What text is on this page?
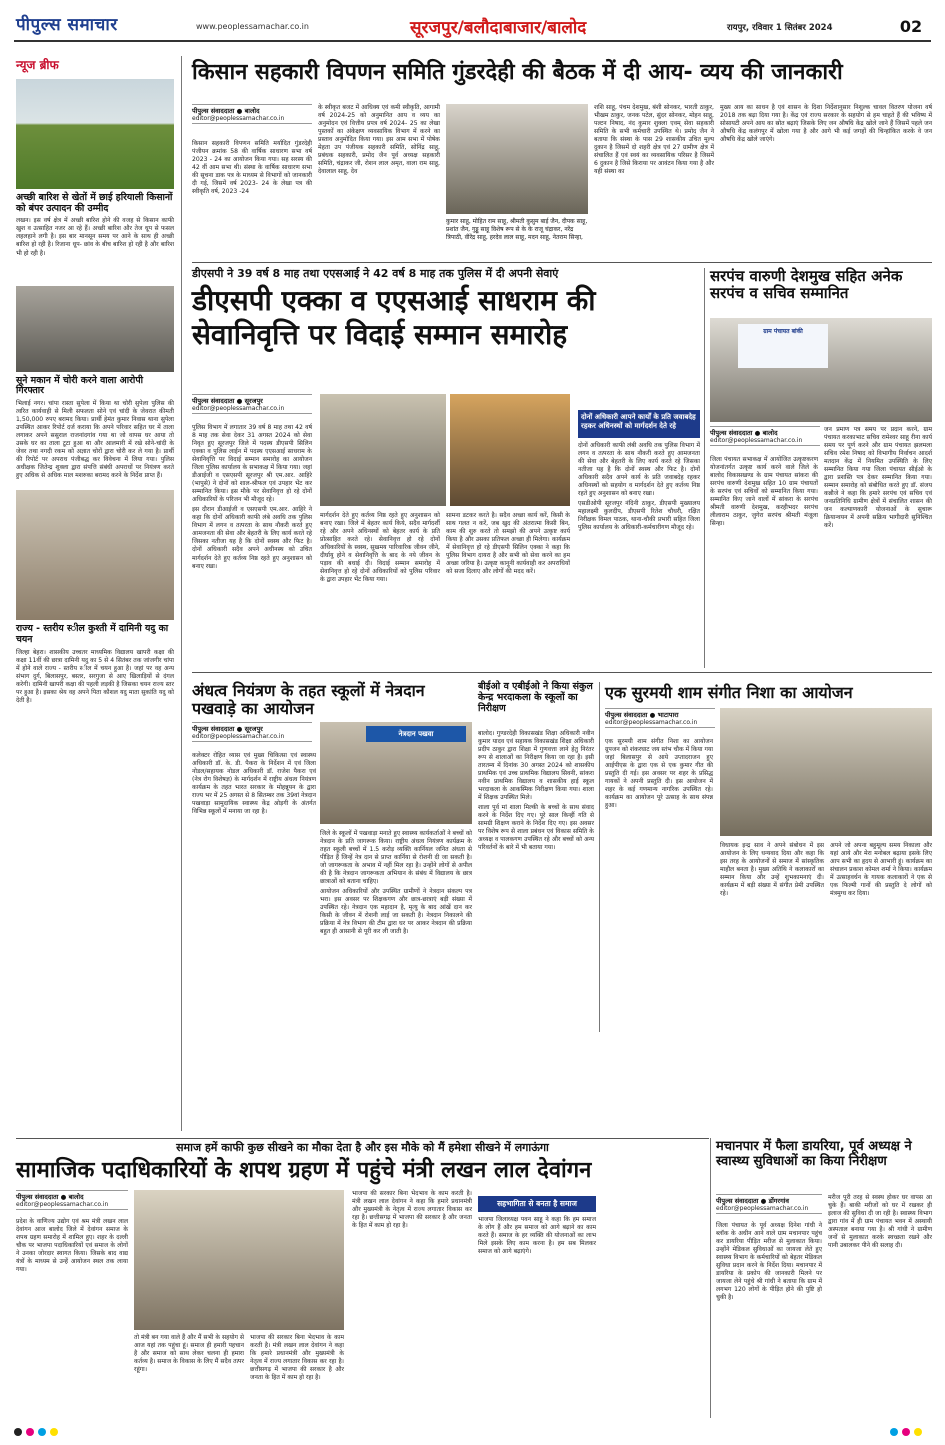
पीपुल्स समाचार	www.peoplessamachar.co.in	सूरजपुर/बलौदाबाजार/बालोद	रायपुर, रविवार 1 सितंबर 2024	02
न्यूज ब्रीफ
अच्छी बारिश से खेतों में छाई हरियाली किसानों को बंपर उत्पादन की उम्मीद

लखन। इस वर्ष क्षेत्र में अच्छी बारिश होने की वजह से किसान काफी खुश व उत्साहित नजर आ रहे हैं। अच्छी बारिश और तेज धूप से फसल लहलहाने लगी है। इस बार मानसून समय पर आने के साथ ही अच्छी बारिश हो रही है। रिजाना धूप- छांव के बीच बारिश हो रही है और बारिश भी हो रही है।

सूने मकान में चोरी करने वाला आरोपी गिरफ्तार

भिलाई नगर। चांपा रास्ता सुपेला में किया था चोरी सुपेला पुलिस की त्वरित कार्यवाही से मिली सफलता सोने एवं चांदी के जेवरात कीमती 1,50,000 रुपए बरामद किया। प्रार्थी हेमंत कुमार निवास थाना सुपेला उपस्थित आकर रिपोर्ट दर्ज कराया कि अपने परिवार सहित घर में ताला लगाकर अपने ससुराल राजनांदगांव गया था जो वापस घर आया तो उसके घर का ताला टूटा हुआ था और आलमारी में रखे सोने-चांदी के जेवर तथा नगदी रकम को अज्ञात चोरों द्वारा चोरी कर ले गया है। प्रार्थी की रिपोर्ट पर अपराध पंजीबद्ध कर विवेचना में लिया गया। पुलिस अधीक्षक जितेन्द्र शुक्ला द्वारा संपत्ति संबंधी अपराधों पर नियंत्रण करते हुए अधिक से अधिक माल मशरुका बरामद करने के निर्देश प्राप्त हैं।

राज्य - स्तरीय स्‍ील कुश्ती में दामिनी यदु का चयन

जिल्हा बेहरा। शासकीय उच्चतर माध्यमिक विद्यालय खापरी कक्षा की कक्षा 11वीं की छात्रा दामिनी यदु का 5 से 4 सितंबर तक जांजगीर चांपा में होने वाले राज्य - स्तरीय स्‍ील में चयन हुआ है। जहां पर वह अन्य संभाग दुर्ग, बिलासपुर, बस्तर, सरगुजा से आए खिलाड़ियों से दंगल करेगी। दामिनी खापरी कक्षा की पहली लड़की है जिसका चयन राज्य स्तर पर हुआ है। इसका श्रेय वह अपने पिता कौशल यदु माता सुकांति यदु को देती है।

किसान सहकारी विपणन समिति गुंडरदेही की बैठक में दी आय- व्यय की जानकारी
पीपुल्स संवाददाता ● बालोद
editor@peoplessamachar.co.in

किसान सहकारी विपणन समिति मर्यादित गुंडरदेही पंजीयन क्रमांक 58 की वार्षिक साधारण सभा वर्ष 2023 - 24 का आयोजन किया गया। सह सरस्य की 42 वीं आम सभा थी। संस्था के वार्षिक साधारण सभा की सूचना डाक पत्र के माध्यम से विभागों को जानकारी दी गई, जिसमें वर्ष 2023- 24 के लेखा पत्र की स्वीकृति वर्ष, 2023 -24

के स्वीकृत बजट में आधिक्य एवं कमी स्वीकृति, आगामी वर्ष 2024-25 को अनुमानित आय व व्यय का अनुमोदन एवं वित्तीय प्रपत्र वर्ष 2024- 25 का लेखा पुस्तकों का अंकेक्षण व्यवसायिक विभाग में करने का प्रस्ताव अनुमोदित किया गया। इस आम सभा में पोषेक मेहता उप पंजीयक सहकारी समिति, सोनिंद्र साहू, प्रबंधक सहकारी, प्रमोद जैन पूर्व अध्यक्ष सहकारी समिति, चंद्राकर जी, रोशन लाल अमृत, वाला राम साहू, देवालाल साहू, देव

कुमार साहू, मोहित राम साहू, श्रीमती कुसुम बाई जैन, दीपक साहू, प्रशांत जैन, गुड्डू साहू विशेष रूप से के के राजू चंद्राकर, नरेंद्र त्रिपाठी, वीरेंद्र साहू, हरदेव लाल साहू, मदन साहू, नेतराम सिन्हा,

शशि साहू, पंचम देशमुख, बंशी सोनकर, भारती ठाकुर, भीखम ठाकुर, जनक पटेल, सुंदर सोनकर, मोहन साहू, पल्टन निषाद, नंद कुमार शुक्ला एवम् सेवा सहकारी समिति के सभी कर्मचारी उपस्थित थे। प्रमोद जैन ने बताया कि संस्था के पास 29 शासकीय उचित मूल्य दुकान है जिसमें दो शहरी क्षेत्र एवं 27 ग्रामीण क्षेत्र में संचालित हैं एवं स्वयं का व्यवसायिक परिसर है जिसमें 6 दुकान है जिसे किराया पर आवंटन किया गया है और यही संस्था का

मुख्य आय का साधन है एवं शासन के दिशा निर्देशानुसार निशुल्क चावल वितरण योजना वर्ष 2018 तक बढ़ा दिया गया है। केंद्र एवं राज्य सरकार के सहयोग से हम चाहते हैं की भविष्य में सोसायटी अपने आय का स्रोत बढ़ाएं जिसके लिए जन औषधि केंद्र खोले जाने हैं जिसमें पहले जन औषधि केंद्र कलंगपुर में खोला गया है और आगे भी कई जगहों की चिन्हांकित करके वे जन औषधि केंद्र खोले जाएंगे।

डीएसपी ने 39 वर्ष 8 माह तथा एएसआई ने 42 वर्ष 8 माह तक पुलिस में दी अपनी सेवाएं
डीएसपी एक्का व एएसआई साधराम की सेवानिवृत्ति पर विदाई सम्मान समारोह
पीपुल्स संवाददाता ● सूरजपुर
editor@peoplessamachar.co.in

पुलिस विभाग में लगातार 39 वर्ष 8 माह तथा 42 वर्ष 8 माह तक सेवा देकर 31 अगस्त 2024 को सेवा निवृत हुए सूरजपुर जिले में पदस्थ डीएसपी सिलिन एक्का व पुलिस लाईन में पदस्थ एएसआई साधराम के सेवानिवृत्ति पर विदाई सम्मान समारोह का आयोजन जिला पुलिस कार्यालय के सभाकक्ष में किया गया। जहां डीआईजी व एसएसपी सूरजपुर श्री एम.आर. आहिरे (भापुसे) ने दोनों को शाल-श्रीफल एवं उपहार भेंट कर सम्मानित किया। इस मौके पर सेवानिवृत्त हो रहे दोनों अधिकारियों के परिजन भी मौजूद रहे।

इस दौरान डीआईजी व एसएसपी एम.आर. आहिरे ने कहा कि दोनों अधिकारी काफी लंबे अवधि तक पुलिस विभाग में लगन व तत्परता के साथ नौकरी करते हुए आमजनता की सेवा और बेहतरी के लिए कार्य करते रहे जिसका नतीजा यह है कि दोनों स्वस्थ और फिट है। दोनों अधिकारी सदैव अपने अधीनस्थ को उचित मार्गदर्शन देते हुए कर्तव्य निष्ठ रहते हुए अनुशासन को बनाए रखा।

मार्गदर्शन देते हुए कर्तव्य निष्ठ रहते हुए अनुशासन को बनाए रखा। जिले में बेहतर कार्य किये, सदैव मार्गदर्शी रहे और अपने अधिनस्थों को बेहतर कार्य के प्रति प्रोत्साहित करते रहे। सेवानिवृत्त हो रहे दोनों अधिकारियों के स्वस्थ, सुखमय पारिवारिक जीवन जीने, दीर्घायु होने व सेवानिवृत्ति के बाद के नये जीवन के पड़ाव की बधाई दी। विदाई सम्मान समारोह में सेवानिवृत्त हो रहे दोनों अधिकारियों को पुलिस परिवार के द्वारा उपहार भेंट किया गया।

सामना डटकर करते है। सदैव अच्छा कार्य करें, किसी के साथ गलत न करें, जब खुद की अंतरात्मा किसी बिन, काम की शुरु करते तो समझो की अपने उत्कृष्ट कार्य किया है और उसका प्रतिफल अच्छा ही मिलेगा। कार्यक्रम में सेवानिवृत्त हो रहे डीएसपी सिलिन एक्का ने कहा कि पुलिस विभाग दायरा है और सभी को सेवा करने का हम अच्छा जरिया है। उत्कृष्ट कानूनी कार्यवाही कर अपराधियों को सजा दिलाए और लोगों की मदद करें।

दोनों अधिकारी आपने कार्यों के प्रति जवाबदेह रहकर अधिनस्थों को मार्गदर्शन देते रहे

दोनों अधिकारी काफी लंबी अवधि तक पुलिस विभाग में लगन व तत्परता के साथ नौकरी करते हुए आमजनता की सेवा और बेहतरी के लिए कार्य करते रहे जिसका नतीजा यह है कि दोनों स्वस्थ और फिट है। दोनों अधिकारी सदैव अपने कार्य के प्रति जवाबदेह रहकर अधिनस्थों को सहयोग व मार्गदर्शन देते हुए कर्तव्य निष्ठ रहते हुए अनुशासन को बनाए रखा।

एसडीओपी सूरजपुर नंदिनी ठाकुर, डीएसपी मुख्यालय महालक्ष्मी कुलदीप, डीएसपी रितेश चौधरी, रक्षित निरीक्षक विमल पाठक, थाना-चौकी प्रभारी सहित जिला पुलिस कार्यालय के अधिकारी-कर्मचारीगण मौजूद रहे।

सरपंच वारुणी देशमुख सहित अनेक सरपंच व सचिव सम्मानित
ग्राम पंचायत बांकी
पीपुल्स संवाददाता ● बालोद
editor@peoplessamachar.co.in

जिला पंचायत सभाकक्ष में आयोजित उत्कृष्टकरण योजनांतर्गत उत्कृष्ट कार्य करने वाले जिले के बालोद विकासखण्ड के ग्राम पंचायत सांकरा की सरपंच वारुणी देशमुख सहित 10 ग्राम पंचायतों के सरपंच एवं सचिवों को सम्मानित किया गया। सम्मानित किए जाने वालों में सांकरा के सरपंच श्रीमती वारुणी देशमुख, करहीभदर सरपंच लीलाराम ठाकुर, जुगेरा सरपंच श्रीमती मंजूला सिन्हा।

जन प्रमाण पत्र समय पर प्रदान करने, ग्राम पंचायत करकाभाट सचिव रामेश्वर साहू रीना कार्य समय पर पूर्ण करने और ग्राम पंचायत झलमला सचिव रमेश निषाद को विभागीय निर्वाचन आदर्श मतदान केंद्र में नियमित उपस्थिति के लिए सम्मानित किया गया जिला पंचायत सीईओ के द्वारा प्रशस्ति पत्र देकर सम्मानित किया गया। सम्मान समारोह को संबोधित करते हुए डॉ. संजय कन्नौजे ने कहा कि हमारे सरपंच एवं सचिव एवं जनप्रतिनिधि ग्रामीण क्षेत्रों में संचालित शासन की जन कल्याणकारी योजनाओं के सुचारू क्रियान्वयन में अपनी सक्रिय भागीदारी सुनिश्चित करें।

अंधत्व नियंत्रण के तहत स्कूलों में नेत्रदान पखवाड़े का आयोजन
पीपुल्स संवाददाता ● सूरजपुर
editor@peoplessamachar.co.in	नेत्रदान पखवा

कलेक्टर रोहित व्यास एवं मुख्य चिकित्सा एवं स्वास्थ्य अधिकारी डॉ. के. डी. पैकरा के निर्देशन में एवं जिला नोडल/सहायक नोडल अधिकारी डॉ. राजेश पैकरा एवं (नेत्र रोग विशेषज्ञ) के मार्गदर्शन में राष्ट्रीय अंधत्व नियंत्रण कार्यक्रम के तहत भारत सरकार के मोहन्नूयन के द्वारा राज्य भर में 25 अगस्त से 8 सितम्बर तक 39वां नेत्रदान पखवाड़ा सामुदायिक स्वास्थ्य केंद्र ओड़गी के अंतर्गत विभिन्न स्कूलों में मनाया जा रहा है।

जिले के स्कूलों में पखवाड़ा मनाते हुए स्वास्थ्य कार्यकर्ताओं ने बच्चों को नेत्रदान के प्रति जागरूक किया। राष्ट्रीय अंधत्व नियंत्रण कार्यक्रम के तहत स्कूली बच्चों में 1.5 करोड़ व्यक्ति कार्नियल जनित अंधता से पीड़ित हैं जिन्हें नेत्र दान से प्राप्त कार्निया से रोशनी दी जा सकती है। जो जागरूकता के अभाव में नहीं मिल रहा है। उन्होंने लोगों से अपील की है कि नेत्रदान जागरूकता अभियान के संबंध में विद्यालय के छात्र छात्राओं को बताना चाहिए।

आयोजन अधिकारियों और उपस्थित ग्रामीणों ने नेत्रदान संकल्प पत्र भरा। इस अवसर पर शिक्षकगण और छात्र-छात्राएं बड़ी संख्या में उपस्थित रहे। नेत्रदान एक महादान है, मृत्यु के बाद आंखें दान कर किसी के जीवन में रोशनी लाई जा सकती है। नेत्रदान निकालने की प्रक्रिया में नेत्र विभाग की टीम द्वारा घर पर आकर नेत्रदान की प्रक्रिया बहुत ही आसानी से पूरी कर ली जाती है।

बीईओ व एबीईओ ने किया संकुल केन्द्र भरदाकला के स्कूलों का निरीक्षण

बालोद। गुण्डरदेही विकासखंड शिक्षा अधिकारी नवीन कुमार यादव एवं सहायक विकासखंड शिक्षा अधिकारी प्रदीप ठाकुर द्वारा शिक्षा में गुणवत्ता लाने हेतु निरंतर रूप से शालाओं का निरीक्षण किया जा रहा है। इसी तारतम्य में दिनांक 30 अगस्त 2024 को शासकीय प्राथमिक एवं उच्च प्राथमिक विद्यालय सिवनी, सांकरा नवीन प्राथमिक विद्यालय व शासकीय हाई स्कूल भरदाकला के आकस्मिक निरीक्षण किया गया। शाला में शिक्षक उपस्थित मिले।

शाला पूर्व मां शाला मिल्की के बच्चों के साथ संवाद करने के निर्देश दिए गए। पूरे साल किन्हीं गति से सामग्री शिक्षण कराने के निर्देश दिए गए। इस अवसर पर विशेष रूप से शाला प्रबंधन एवं विकास समिति के अध्यक्ष व पालकगण उपस्थित रहे और बच्चों को अन्य परिवर्तनों के बारे में भी बताया गया।

एक सुरमयी शाम संगीत निशा का आयोजन
पीपुल्स संवाददाता ● भाटापारा
editor@peoplessamachar.co.in

एक सुरमयी शाम संगीत निशा का आयोजन ग्रुपजन को शंकरघाट जय स्तंभ चौक में किया गया जहां बिलासपुर से आये उप्तादराजन हुए आईपीएस के द्वारा एक से एक कुमार गीत की प्रस्तुति दी गई। इस अवसर पर शहर के प्रसिद्ध गायकों ने अपनी प्रस्तुति दी। इस आयोजन में शहर के कई गणमान्य नागरिक उपस्थित रहे। कार्यक्रम का आयोजन पूरे उत्साह के साथ संपन्न हुआ।

विधायक इन्द्र साव ने अपने संबोधन में इस आयोजन के लिए धन्यवाद दिया और कहा कि इस तरह के आयोजनों से समाज में सांस्कृतिक माहौल बनता है। मुख्य अतिथि ने कलाकारों का सम्मान किया और उन्हें शुभकामनाएं दी। कार्यक्रम में बड़ी संख्या में संगीत प्रेमी उपस्थित रहे।

अपने जो अपना बहुमूल्य समय निकाला और यहां आये और मेरा मनोबल बढ़ाया इसके लिए आप सभी का हृदय से आभारी हूं। कार्यक्रम का संचालन प्रकाश कोमल शर्मा ने किया। कार्यक्रम में उत्साहवर्धन के गायक कलाकारों ने एक से एक फिल्मी गानों की प्रस्तुति दे लोगों को मंत्रमुग्ध कर दिया।

समाज हमें काफी कुछ सीखने का मौका देता है और इस मौके को मैं हमेशा सीखने में लगाऊंगा
सामाजिक पदाधिकारियों के शपथ ग्रहण में पहुंचे मंत्री लखन लाल देवांगन
पीपुल्स संवाददाता ● बालोद
editor@peoplessamachar.co.in

प्रदेश के वाणिज्य उद्योग एवं श्रम मंत्री लखन लाल देवांगन आज बालोद जिले में देवांगन समाज के शपथ ग्रहण समारोह में शामिल हुए। शहर के दल्ली चौक पर भाजपा पदाधिकारियों एवं समाज के लोगों ने उनका जोरदार स्वागत किया। जिसके बाद वाद्य यंत्रों के माध्यम से उन्हें आयोजन स्थल तक लाया गया।

तो मंत्री बन गया वाले हैं और मैं सभी के सहयोग से आज यहां तक पहुंचा हूं। समाज ही हमारी पहचान है और समाज को साथ लेकर चलना ही हमारा कर्तव्य है। समाज के विकास के लिए मैं सदैव तत्पर रहूंगा।

भाजपा की सरकार बिना भेदभाव के काम करती है। मंत्री लखन लाल देवांगन ने कहा कि हमारे प्रधानमंत्री और मुख्यमंत्री के नेतृत्व में राज्य लगातार विकास कर रहा है। छत्तीसगढ़ में भाजपा की सरकार है और जनता के हित में काम हो रहा है।

सहभागिता से बनता है समाज

भाजपा की सरकार बिना भेदभाव के काम करती है। मंत्री लखन लाल देवांगन ने कहा कि हमारे प्रधानमंत्री और मुख्यमंत्री के नेतृत्व में राज्य लगातार विकास कर रहा है। छत्तीसगढ़ में भाजपा की सरकार है और जनता के हित में काम हो रहा है।

भाजपा जिलाध्यक्ष पवन साहू ने कहा कि हम समाज के लोग हैं और हम समाज को आगे बढ़ाने का काम करते हैं। समाज के हर व्यक्ति की योजनाओं का लाभ मिले इसके लिए काम करना है। हम सब मिलकर समाज को आगे बढ़ाएंगे।

मचानपार में फैला डायरिया, पूर्व अध्यक्ष ने स्वास्थ्य सुविधाओं का किया निरीक्षण
पीपुल्स संवाददाता ● डोंगरगांव
editor@peoplessamachar.co.in

जिला पंचायत के पूर्व अध्यक्ष दिनेश गांधी ने ब्लॉक के अधीन आने वाले ग्राम मचानपार पहुंच कर डायरिया पीड़ित मरीज से मुलाकात किया। उन्होंने मेडिकल सुविधाओं का जायजा लेते हुए स्वास्थ्य विभाग के कर्मचारियों को बेहतर मेडिकल सुविधा प्रदान करने के निर्देश दिया। मचानपार में डायरिया के प्रकोप की जानकारी मिलने पर जायजा लेने पहुंचे श्री गांधी ने बताया कि ग्राम में लगभग 120 लोगों के पीड़ित होने की पुष्टि हो चुकी है।

मरीज पूरी तरह से स्वस्थ होकर घर वापस आ चुके हैं। बाकी मरीजों को घर में रखकर ही इलाज की सुविधा दी जा रही है। स्वास्थ्य विभाग द्वारा गांव में ही ग्राम पंचायत भवन में अस्थायी अस्पताल बनाया गया है। श्री गांधी ने ग्रामीण जनों से मुलाकात करके स्वच्छता रखने और पानी उबालकर पीने की सलाह दी।
